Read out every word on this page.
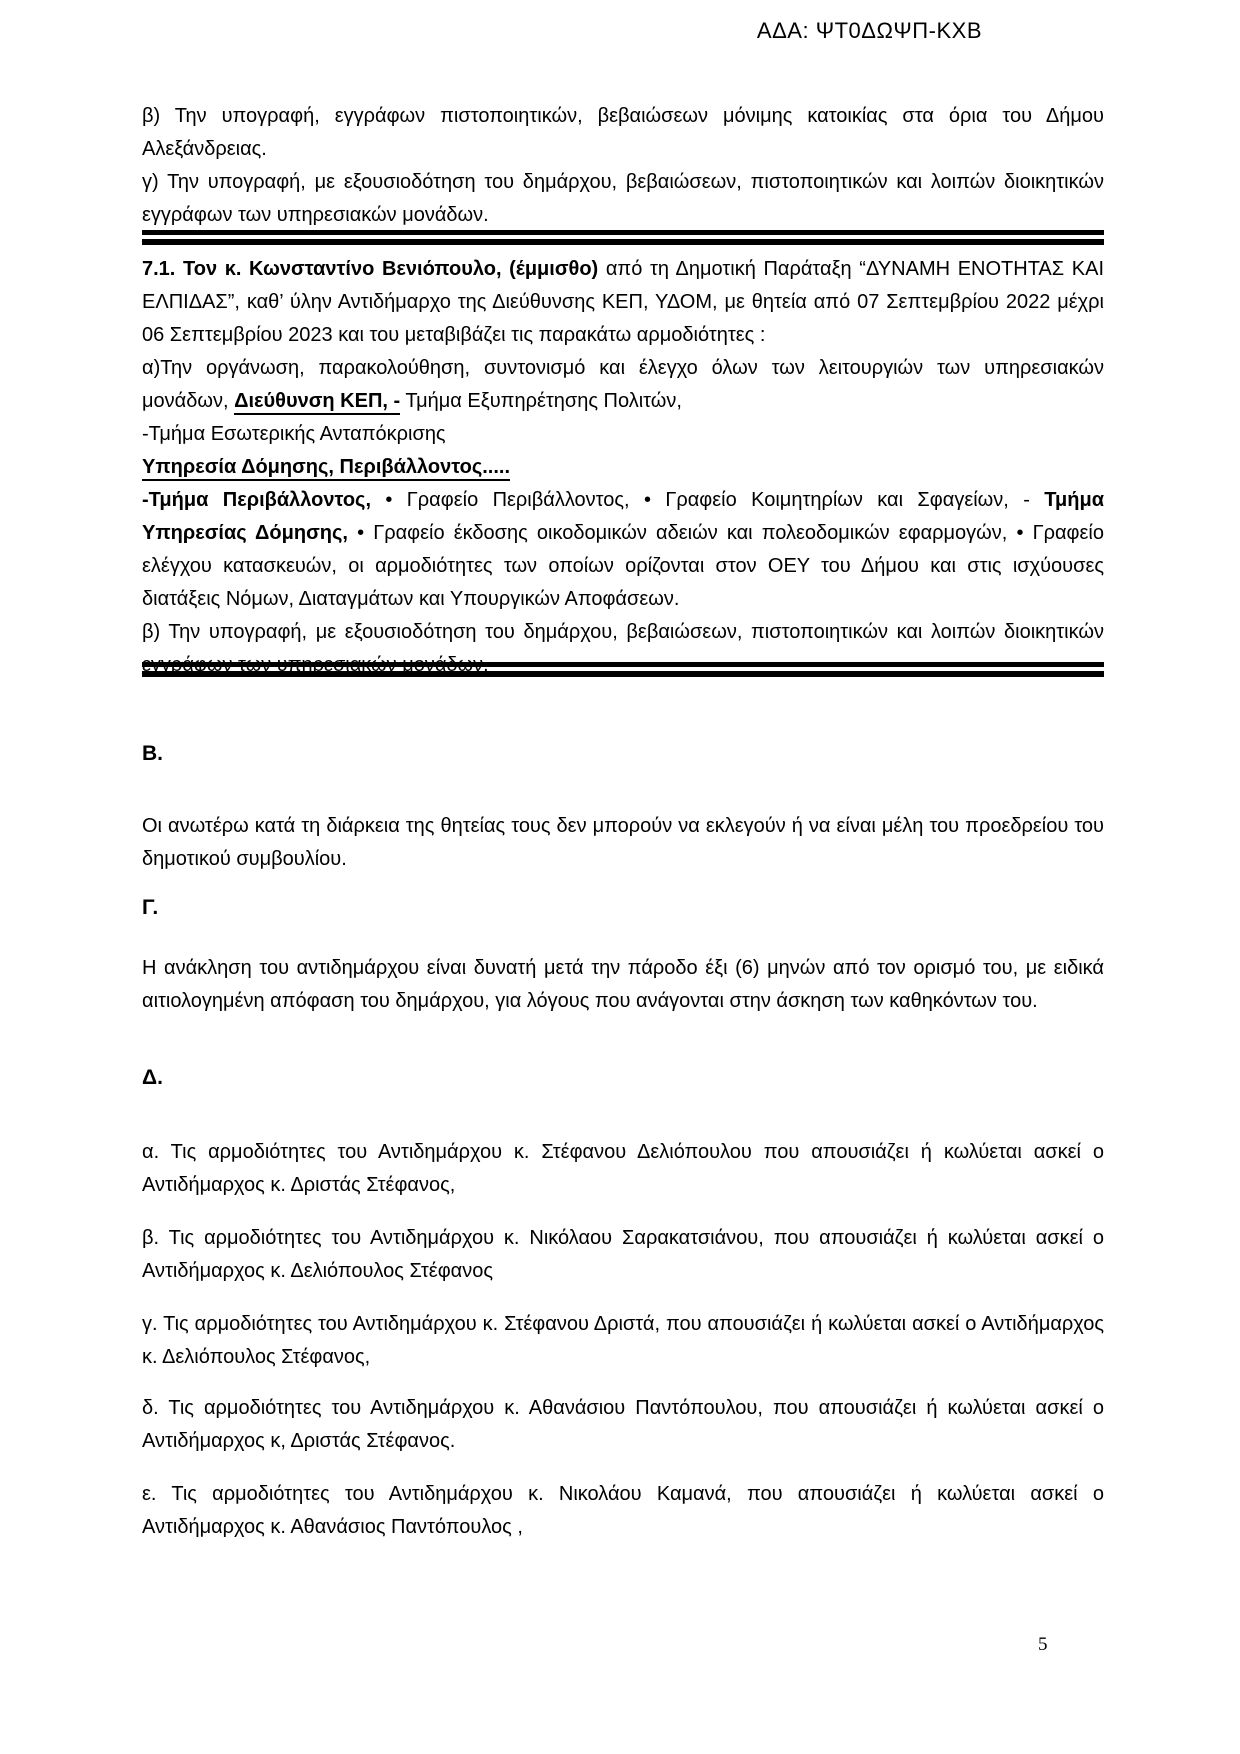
ΑΔΑ: ΨΤ0ΔΩΨΠ-ΚΧΒ

β) Την υπογραφή, εγγράφων πιστοποιητικών, βεβαιώσεων μόνιμης κατοικίας στα όρια του Δήμου Αλεξάνδρειας.

γ) Την υπογραφή, με εξουσιοδότηση του δημάρχου, βεβαιώσεων, πιστοποιητικών και λοιπών διοικητικών εγγράφων των υπηρεσιακών μονάδων.

7.1. Τον κ. Κωνσταντίνο Βενιόπουλο, (έμμισθο) από τη Δημοτική Παράταξη “ΔΥΝΑΜΗ ΕΝΟΤΗΤΑΣ ΚΑΙ ΕΛΠΙΔΑΣ”, καθ’ ύλην Αντιδήμαρχο της Διεύθυνσης ΚΕΠ, ΥΔΟΜ, με θητεία από 07 Σεπτεμβρίου 2022 μέχρι 06 Σεπτεμβρίου 2023 και του μεταβιβάζει τις παρακάτω αρμοδιότητες :

α)Την οργάνωση, παρακολούθηση, συντονισμό και έλεγχο όλων των λειτουργιών των υπηρεσιακών μονάδων, Διεύθυνση ΚΕΠ, - Τμήμα Εξυπηρέτησης Πολιτών,

-Τμήμα Εσωτερικής Ανταπόκρισης

Υπηρεσία Δόμησης, Περιβάλλοντος.....

-Τμήμα Περιβάλλοντος, • Γραφείο Περιβάλλοντος, • Γραφείο Κοιμητηρίων και Σφαγείων, - Τμήμα Υπηρεσίας Δόμησης, • Γραφείο έκδοσης οικοδομικών αδειών και πολεοδομικών εφαρμογών, • Γραφείο ελέγχου κατασκευών, οι αρμοδιότητες των οποίων ορίζονται στον ΟΕΥ του Δήμου και στις ισχύουσες διατάξεις Νόμων, Διαταγμάτων και Υπουργικών Αποφάσεων.

β) Την υπογραφή, με εξουσιοδότηση του δημάρχου, βεβαιώσεων, πιστοποιητικών και λοιπών διοικητικών εγγράφων των υπηρεσιακών μονάδων.

Β.
Οι ανωτέρω κατά τη διάρκεια της θητείας τους δεν μπορούν να εκλεγούν ή να είναι μέλη του προεδρείου του δημοτικού συμβουλίου.
Γ.
Η ανάκληση του αντιδημάρχου είναι δυνατή μετά την πάροδο έξι (6) μηνών από τον ορισμό του, με ειδικά αιτιολογημένη απόφαση του δημάρχου, για λόγους που ανάγονται στην άσκηση των καθηκόντων του.
Δ.
α. Τις αρμοδιότητες του Αντιδημάρχου κ. Στέφανου Δελιόπουλου που απουσιάζει ή κωλύεται ασκεί ο Αντιδήμαρχος κ. Δριστάς Στέφανος,
β. Τις αρμοδιότητες του Αντιδημάρχου κ. Νικόλαου Σαρακατσιάνου, που απουσιάζει ή κωλύεται ασκεί ο Αντιδήμαρχος κ. Δελιόπουλος Στέφανος
γ. Τις αρμοδιότητες του Αντιδημάρχου κ. Στέφανου Δριστά, που απουσιάζει ή κωλύεται ασκεί ο Αντιδήμαρχος κ. Δελιόπουλος Στέφανος,
δ. Τις αρμοδιότητες του Αντιδημάρχου κ. Αθανάσιου Παντόπουλου, που απουσιάζει ή κωλύεται ασκεί ο Αντιδήμαρχος κ, Δριστάς Στέφανος.
ε. Τις αρμοδιότητες του Αντιδημάρχου κ. Νικολάου Καμανά, που απουσιάζει ή κωλύεται ασκεί ο Αντιδήμαρχος κ. Αθανάσιος Παντόπουλος ,
5
